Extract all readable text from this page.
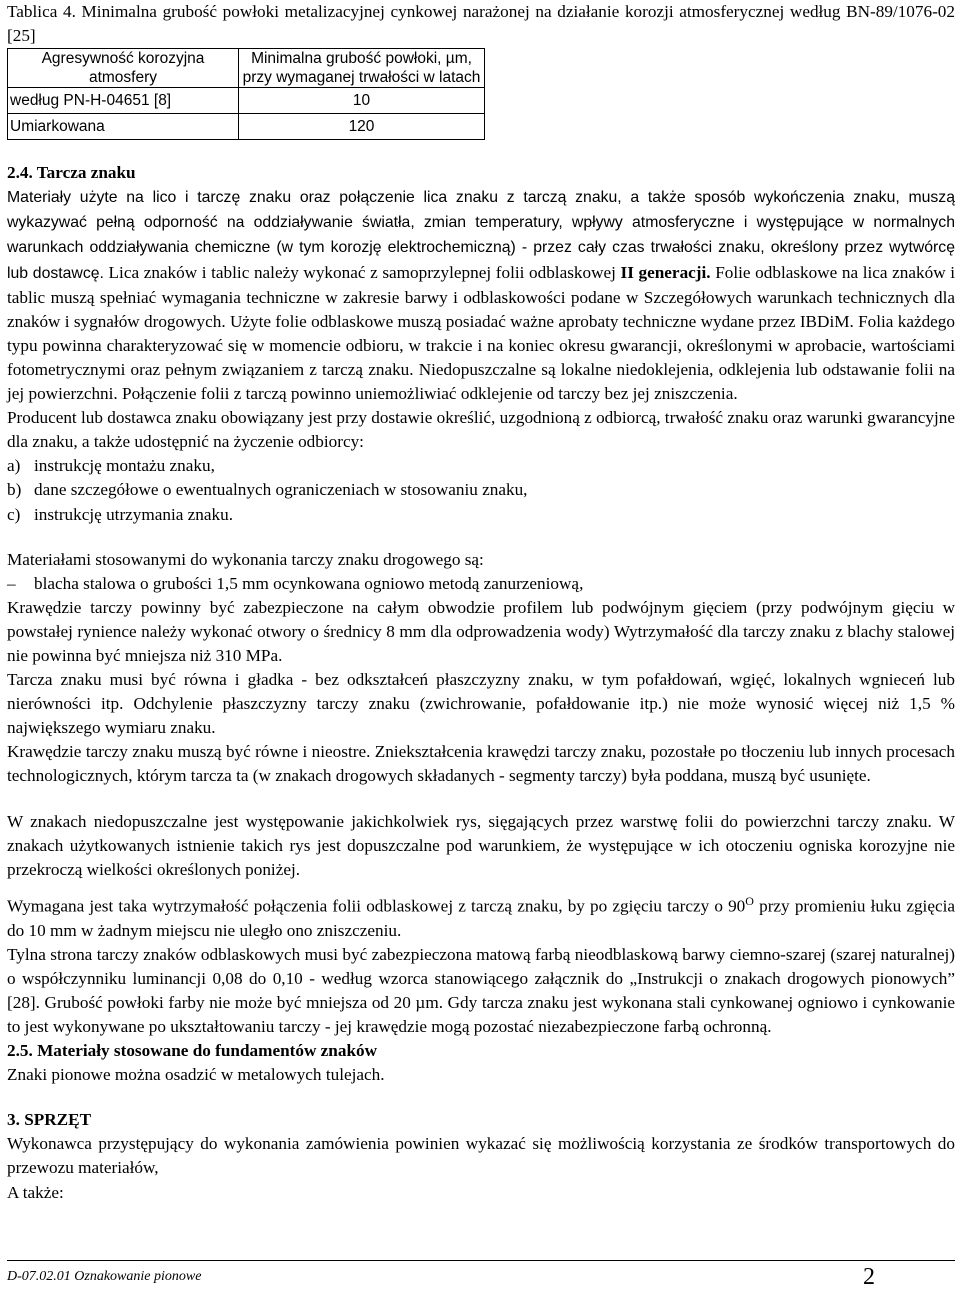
Tablica 4. Minimalna grubość powłoki metalizacyjnej cynkowej narażonej na działanie korozji atmosferycznej według BN-89/1076-02 [25]

Agresywność korozyjna atmosfery	Minimalna grubość powłoki, µm, przy wymaganej trwałości w latach
według PN-H-04651 [8]	10
Umiarkowana	120
2.4. Tarcza znaku

Materiały użyte na lico i tarczę znaku oraz połączenie lica znaku z tarczą znaku, a także sposób wykończenia znaku, muszą wykazywać pełną odporność na oddziaływanie światła, zmian temperatury, wpływy atmosferyczne i występujące w normalnych warunkach oddziaływania chemiczne (w tym korozję elektrochemiczną) - przez cały czas trwałości znaku, określony przez wytwórcę lub dostawcę. Lica znaków i tablic należy wykonać z samoprzylepnej folii odblaskowej II generacji. Folie odblaskowe na lica znaków i tablic muszą spełniać wymagania techniczne w zakresie barwy i odblaskowości podane w Szczegółowych warunkach technicznych dla znaków i sygnałów drogowych. Użyte folie odblaskowe muszą posiadać ważne aprobaty techniczne wydane przez IBDiM. Folia każdego typu powinna charakteryzować się w momencie odbioru, w trakcie i na koniec okresu gwarancji, określonymi w aprobacie, wartościami fotometrycznymi oraz pełnym związaniem z tarczą znaku. Niedopuszczalne są lokalne niedoklejenia, odklejenia lub odstawanie folii na jej powierzchni. Połączenie folii z tarczą powinno uniemożliwiać odklejenie od tarczy bez jej zniszczenia.

Producent lub dostawca znaku obowiązany jest przy dostawie określić, uzgodnioną z odbiorcą, trwałość znaku oraz warunki gwarancyjne dla znaku, a także udostępnić na życzenie odbiorcy:

a) instrukcję montażu znaku,
b) dane szczegółowe o ewentualnych ograniczeniach w stosowaniu znaku,
c) instrukcję utrzymania znaku.

Materiałami stosowanymi do wykonania tarczy znaku drogowego są:

–	blacha stalowa o grubości 1,5 mm ocynkowana ogniowo metodą zanurzeniową,

Krawędzie tarczy powinny być zabezpieczone na całym obwodzie profilem lub podwójnym gięciem (przy podwójnym gięciu w powstałej rynience należy wykonać otwory o średnicy 8 mm dla odprowadzenia wody) Wytrzymałość dla tarczy znaku z blachy stalowej nie powinna być mniejsza niż 310 MPa.

Tarcza znaku musi być równa i gładka - bez odkształceń płaszczyzny znaku, w tym pofałdowań, wgięć, lokalnych wgnieceń lub nierówności itp. Odchylenie płaszczyzny tarczy znaku (zwichrowanie, pofałdowanie itp.) nie może wynosić więcej niż 1,5 % największego wymiaru znaku.

Krawędzie tarczy znaku muszą być równe i nieostre. Zniekształcenia krawędzi tarczy znaku, pozostałe po tłoczeniu lub innych procesach technologicznych, którym tarcza ta (w znakach drogowych składanych - segmenty tarczy) była poddana, muszą być usunięte.

W znakach niedopuszczalne jest występowanie jakichkolwiek rys, sięgających przez warstwę folii do powierzchni tarczy znaku. W znakach użytkowanych istnienie takich rys jest dopuszczalne pod warunkiem, że występujące w ich otoczeniu ogniska korozyjne nie przekroczą wielkości określonych poniżej.

Wymagana jest taka wytrzymałość połączenia folii odblaskowej z tarczą znaku, by po zgięciu tarczy o $90^O$ przy promieniu łuku zgięcia do 10 mm w żadnym miejscu nie uległo ono zniszczeniu.

Tylna strona tarczy znaków odblaskowych musi być zabezpieczona matową farbą nieodblaskową barwy ciemno-szarej (szarej naturalnej) o współczynniku luminancji 0,08 do 0,10 - według wzorca stanowiącego załącznik do „Instrukcji o znakach drogowych pionowych” [28]. Grubość powłoki farby nie może być mniejsza od 20 µm. Gdy tarcza znaku jest wykonana stali cynkowanej ogniowo i cynkowanie to jest wykonywane po ukształtowaniu tarczy - jej krawędzie mogą pozostać niezabezpieczone farbą ochronną.

2.5. Materiały stosowane do fundamentów znaków

Znaki pionowe można osadzić w metalowych tulejach.

3. SPRZĘT

Wykonawca przystępujący do wykonania zamówienia powinien wykazać się możliwością korzystania ze środków transportowych do przewozu materiałów,

A także:

D-07.02.01 Oznakowanie pionowe	2
